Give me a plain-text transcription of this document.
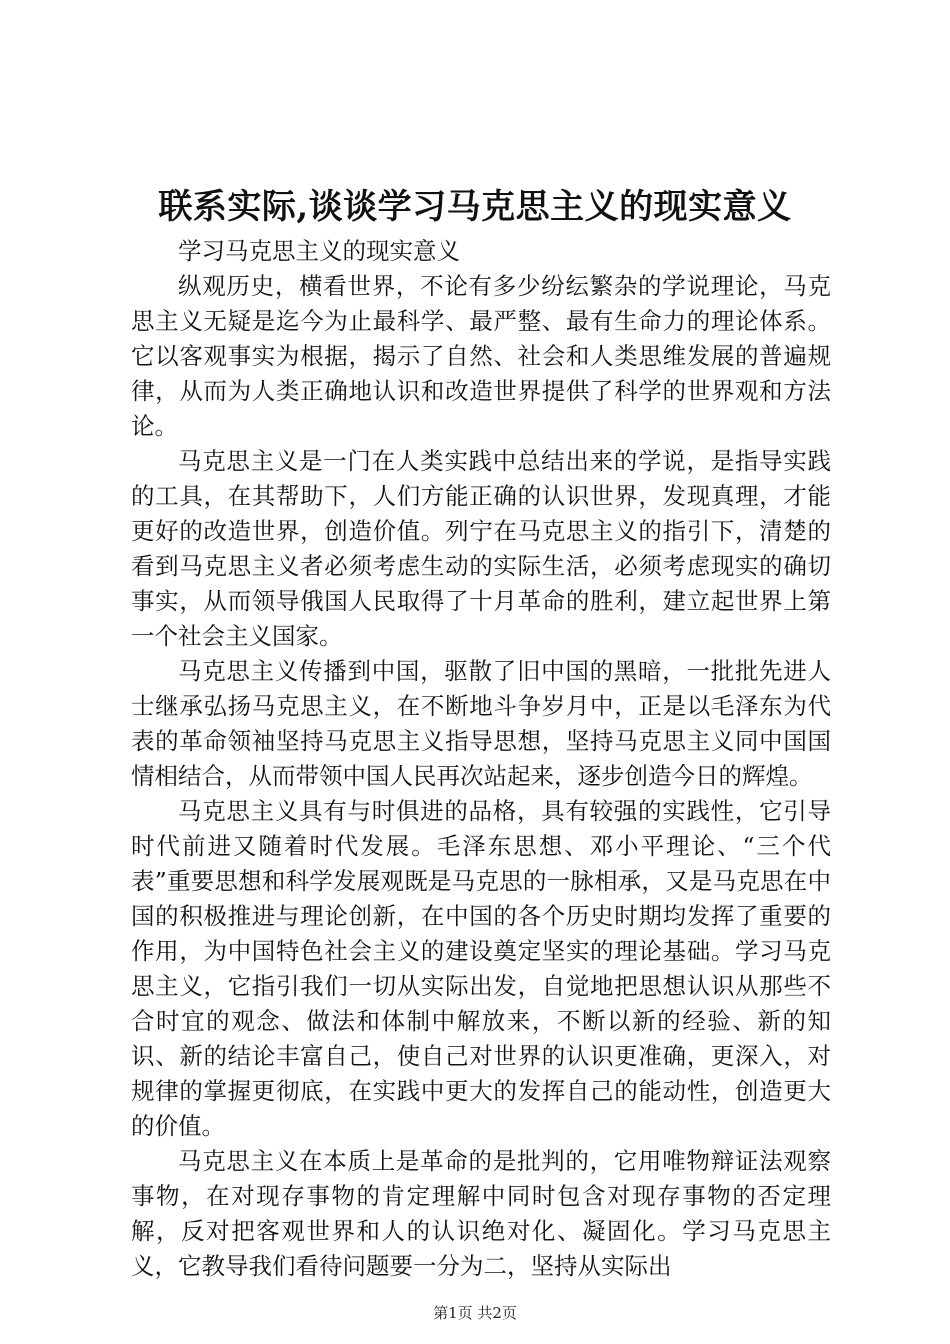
联系实际,谈谈学习马克思主义的现实意义

学习马克思主义的现实意义

纵观历史，横看世界，不论有多少纷纭繁杂的学说理论，马克思主义无疑是迄今为止最科学、最严整、最有生命力的理论体系。它以客观事实为根据，揭示了自然、社会和人类思维发展的普遍规律，从而为人类正确地认识和改造世界提供了科学的世界观和方法论。

马克思主义是一门在人类实践中总结出来的学说，是指导实践的工具，在其帮助下，人们方能正确的认识世界，发现真理，才能更好的改造世界，创造价值。列宁在马克思主义的指引下，清楚的看到马克思主义者必须考虑生动的实际生活，必须考虑现实的确切事实，从而领导俄国人民取得了十月革命的胜利，建立起世界上第一个社会主义国家。

马克思主义传播到中国，驱散了旧中国的黑暗，一批批先进人士继承弘扬马克思主义，在不断地斗争岁月中，正是以毛泽东为代表的革命领袖坚持马克思主义指导思想，坚持马克思主义同中国国情相结合，从而带领中国人民再次站起来，逐步创造今日的辉煌。

马克思主义具有与时俱进的品格，具有较强的实践性，它引导时代前进又随着时代发展。毛泽东思想、邓小平理论、“三个代表”重要思想和科学发展观既是马克思的一脉相承，又是马克思在中国的积极推进与理论创新，在中国的各个历史时期均发挥了重要的作用，为中国特色社会主义的建设奠定坚实的理论基础。学习马克思主义，它指引我们一切从实际出发，自觉地把思想认识从那些不合时宜的观念、做法和体制中解放来，不断以新的经验、新的知识、新的结论丰富自己，使自己对世界的认识更准确，更深入，对规律的掌握更彻底，在实践中更大的发挥自己的能动性，创造更大的价值。

马克思主义在本质上是革命的是批判的，它用唯物辩证法观察事物，在对现存事物的肯定理解中同时包含对现存事物的否定理解，反对把客观世界和人的认识绝对化、凝固化。学习马克思主义，它教导我们看待问题要一分为二，坚持从实际出

第1页 共2页
